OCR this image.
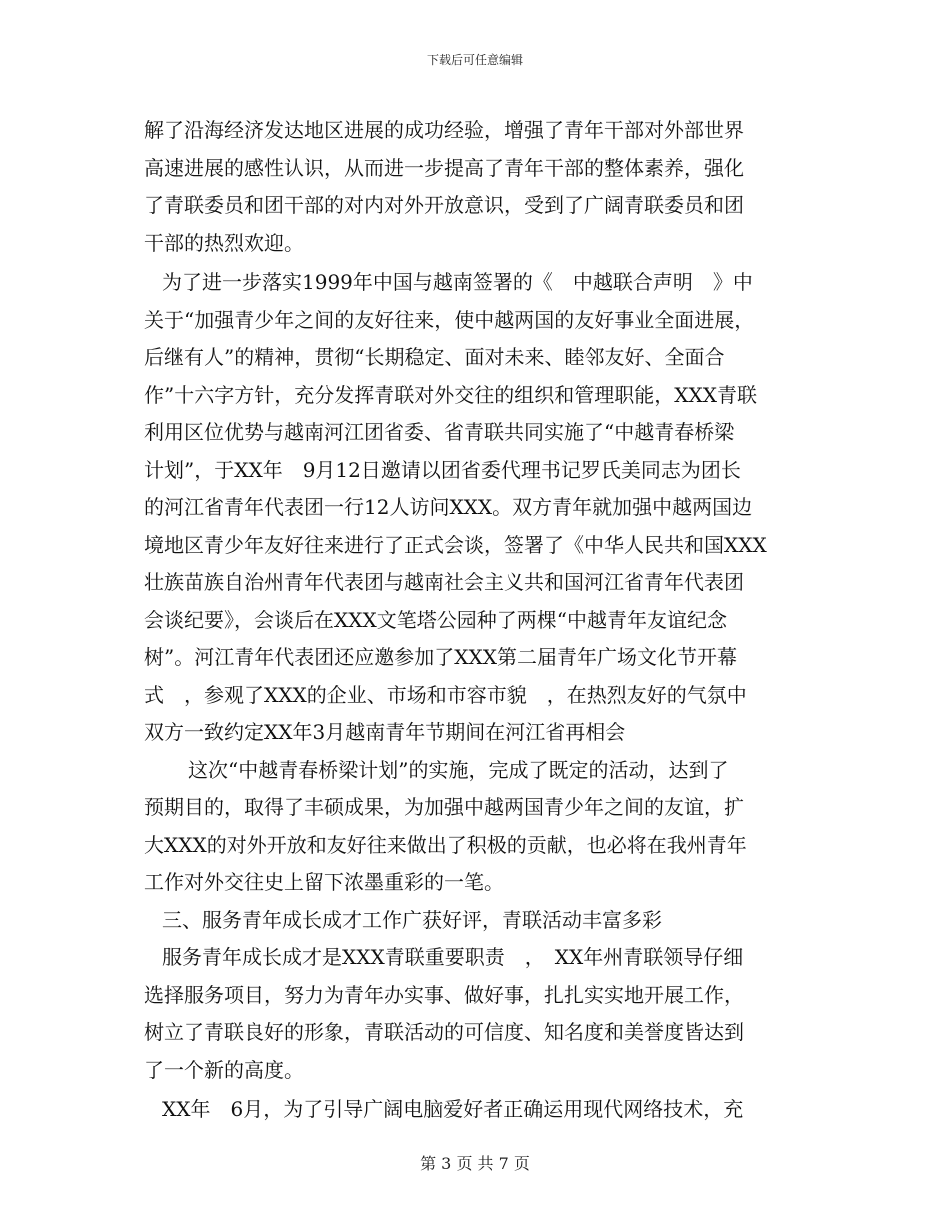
下载后可任意编辑
解了沿海经济发达地区进展的成功经验，增强了青年干部对外部世界
高速进展的感性认识，从而进一步提高了青年干部的整体素养，强化
了青联委员和团干部的对内对外开放意识，受到了广阔青联委员和团
干部的热烈欢迎。
为了进一步落实1999年中国与越南签署的《　中越联合声明　》中
关于“加强青少年之间的友好往来，使中越两国的友好事业全面进展，
后继有人”的精神，贯彻“长期稳定、面对未来、睦邻友好、全面合
作”十六字方针，充分发挥青联对外交往的组织和管理职能，XXX青联
利用区位优势与越南河江团省委、省青联共同实施了“中越青春桥梁
计划”，于XX年　9月12日邀请以团省委代理书记罗氏美同志为团长
的河江省青年代表团一行12人访问XXX。双方青年就加强中越两国边
境地区青少年友好往来进行了正式会谈，签署了《中华人民共和国XXX
壮族苗族自治州青年代表团与越南社会主义共和国河江省青年代表团
会谈纪要》，会谈后在XXX文笔塔公园种了两棵“中越青年友谊纪念
树”。河江青年代表团还应邀参加了XXX第二届青年广场文化节开幕
式　，参观了XXX的企业、市场和市容市貌　，在热烈友好的气氛中
双方一致约定XX年3月越南青年节期间在河江省再相会
这次“中越青春桥梁计划”的实施，完成了既定的活动，达到了
预期目的，取得了丰硕成果，为加强中越两国青少年之间的友谊，扩
大XXX的对外开放和友好往来做出了积极的贡献，也必将在我州青年
工作对外交往史上留下浓墨重彩的一笔。
三、服务青年成长成才工作广获好评，青联活动丰富多彩
服务青年成长成才是XXX青联重要职责　，　XX年州青联领导仔细
选择服务项目，努力为青年办实事、做好事，扎扎实实地开展工作，
树立了青联良好的形象，青联活动的可信度、知名度和美誉度皆达到
了一个新的高度。
XX年　6月，为了引导广阔电脑爱好者正确运用现代网络技术，充
第 3 页 共 7 页
